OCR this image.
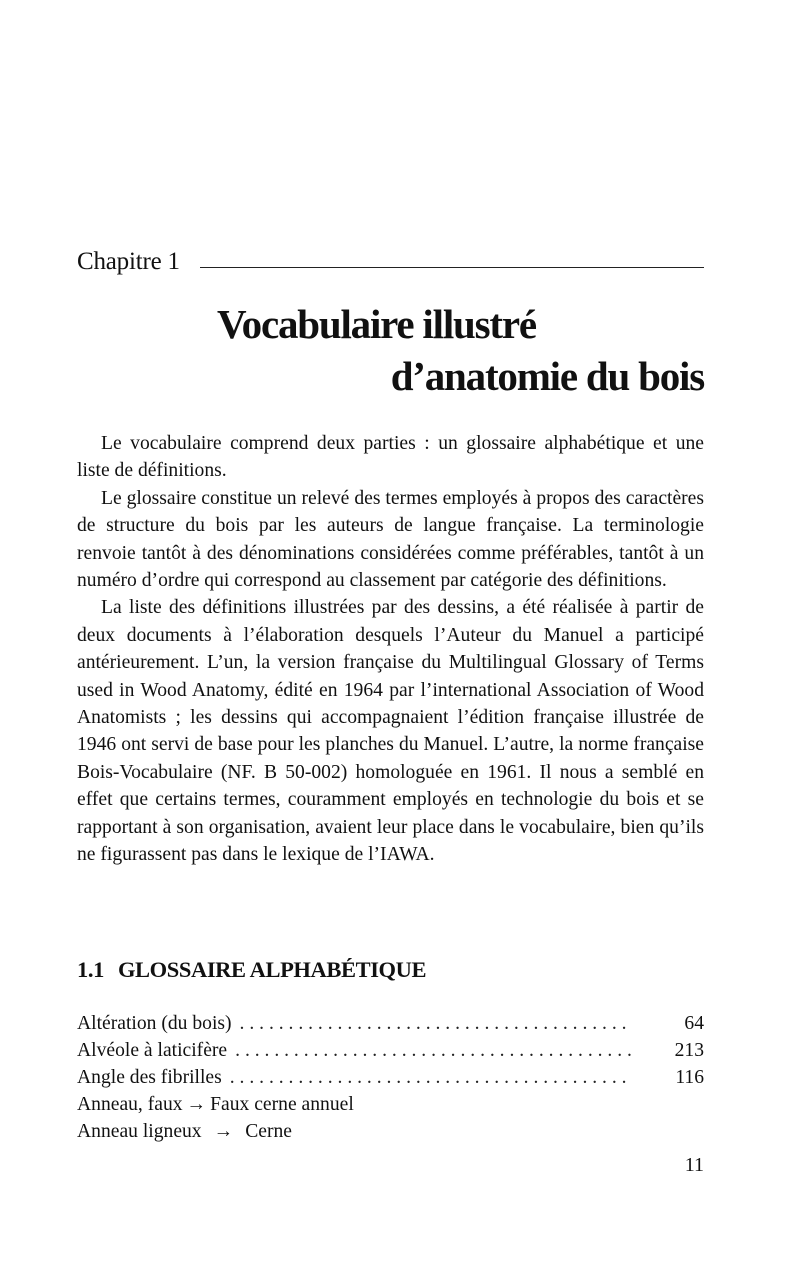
Chapitre 1
Vocabulaire illustré
d’anatomie du bois

Le vocabulaire comprend deux parties : un glossaire alphabétique et une liste de définitions.

Le glossaire constitue un relevé des termes employés à propos des caractères de structure du bois par les auteurs de langue française. La terminologie renvoie tantôt à des dénominations considérées comme préférables, tantôt à un numéro d’ordre qui correspond au classement par catégorie des définitions.

La liste des définitions illustrées par des dessins, a été réalisée à partir de deux documents à l’élaboration desquels l’Auteur du Manuel a participé antérieurement. L’un, la version française du Multilingual Glossary of Terms used in Wood Anatomy, édité en 1964 par l’international Association of Wood Anatomists ; les dessins qui accompagnaient l’édition française illustrée de 1946 ont servi de base pour les planches du Manuel. L’autre, la norme française Bois-Vocabulaire (NF. B 50-002) homologuée en 1961. Il nous a semblé en effet que certains termes, couramment employés en technologie du bois et se rapportant à son organisation, avaient leur place dans le vocabulaire, bien qu’ils ne figurassent pas dans le lexique de l’IAWA.

1.1 GLOSSAIRE ALPHABÉTIQUE
Altération (du bois) . . .	64
Alvéole à laticifère . . .	213
Angle des fibrilles . . .	116
Anneau, faux → Faux cerne annuel
Anneau ligneux → Cerne
11
